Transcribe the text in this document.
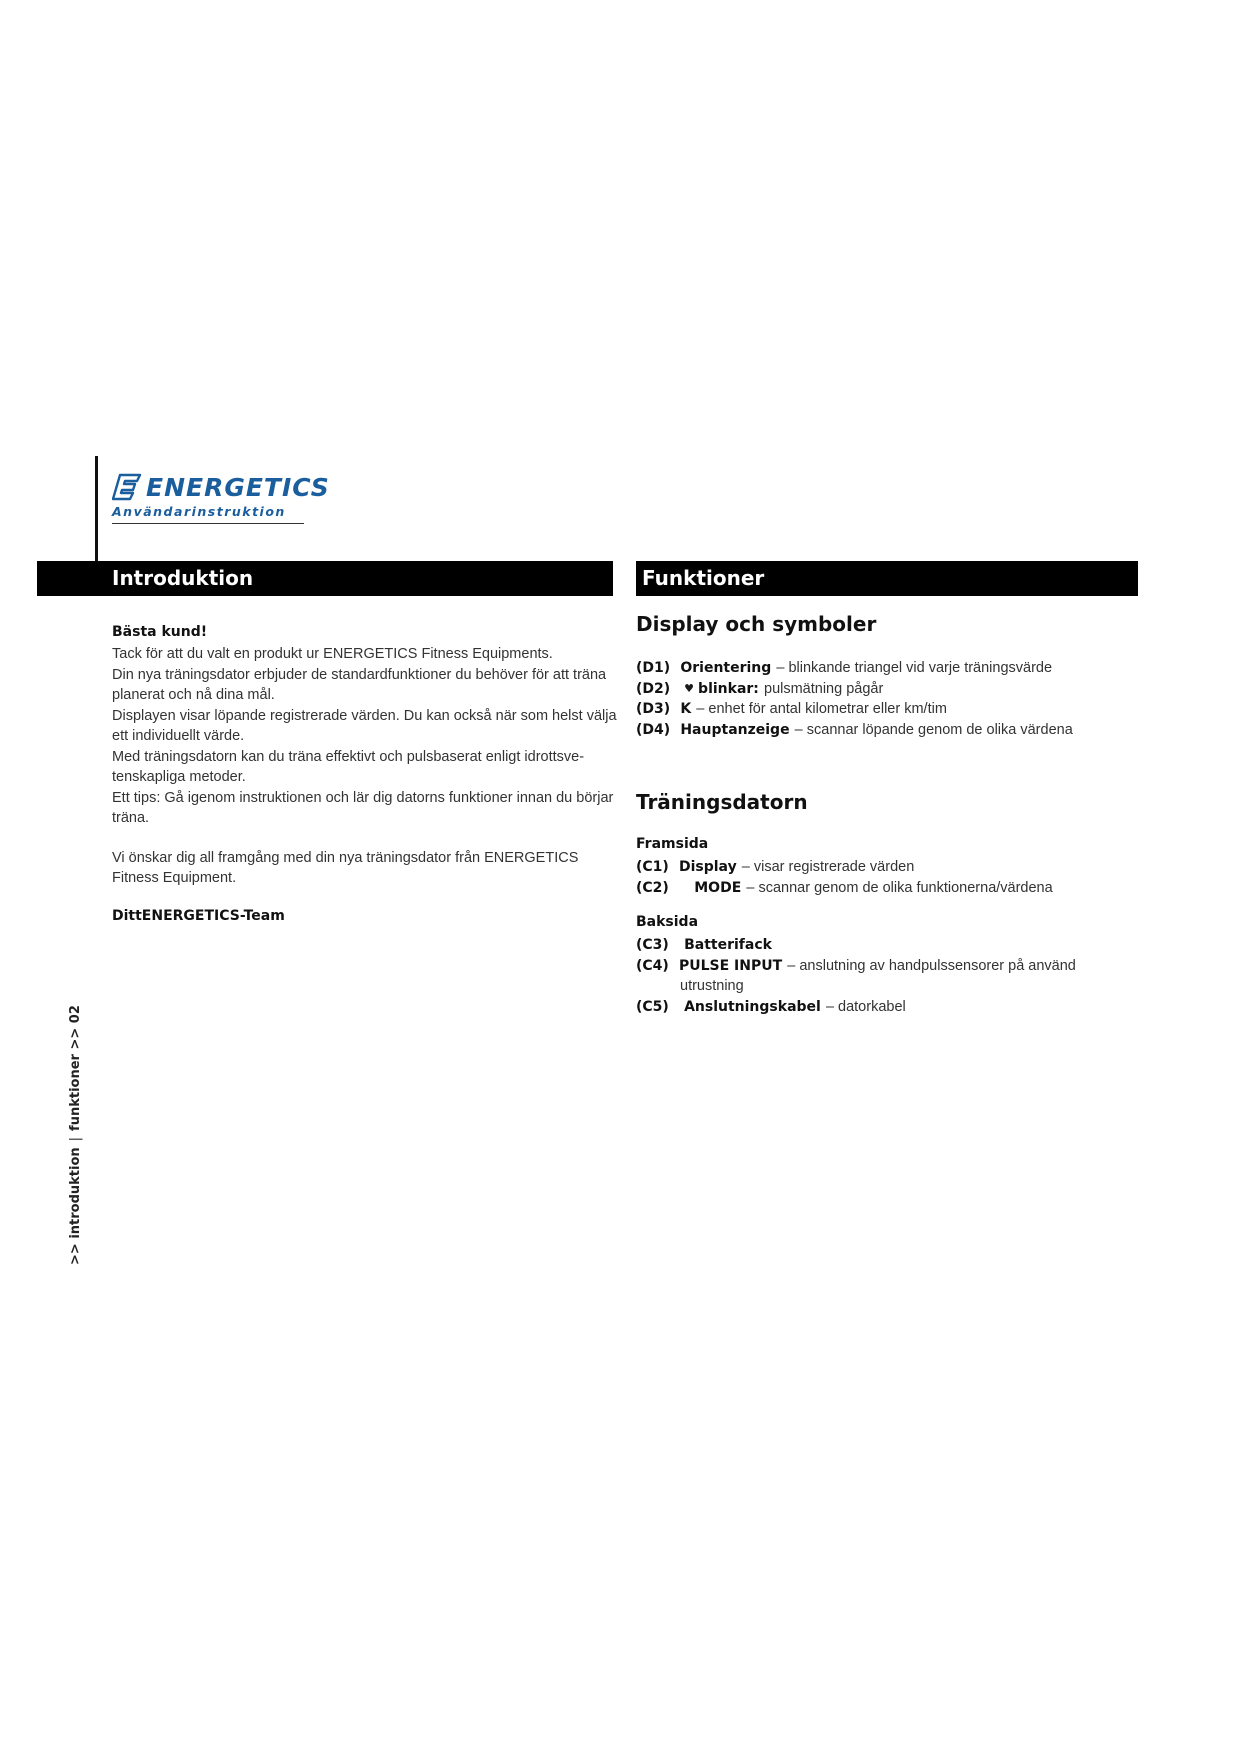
ENERGETICS
Användarinstruktion
Introduktion	Funktioner
Bästa kund!

Tack för att du valt en produkt ur ENERGETICS Fitness Equipments.

Din nya träningsdator erbjuder de standardfunktioner du behöver för att träna planerat och nå dina mål.

Displayen visar löpande registrerade värden. Du kan också när som helst välja ett individuellt värde.

Med träningsdatorn kan du träna effektivt och pulsbaserat enligt idrottsve-tenskapliga metoder.

Ett tips: Gå igenom instruktionen och lär dig datorns funktioner innan du börjar träna.

Vi önskar dig all framgång med din nya träningsdator från ENERGETICS Fitness Equipment.
DittENERGETICS-Team
Display och symboler
(D1)
Orientering
– blinkande triangel vid varje träningsvärde
(D2) ♥ blinkar:
pulsmätning pågår
(D3)
K
– enhet för antal kilometrar eller km/tim
(D4)
Hauptanzeige
– scannar löpande genom de olika värdena
Träningsdatorn
Framsida
(C1)
Display
– visar registrerade värden
(C2)
MODE
– scannar genom de olika funktionerna/värdena
Baksida
(C3)
Batterifack
(C4)
PULSE INPUT
– anslutning av handpulssensorer på använd
utrustning
(C5)
Anslutningskabel
– datorkabel
>> introduktion|funktioner >> 02
